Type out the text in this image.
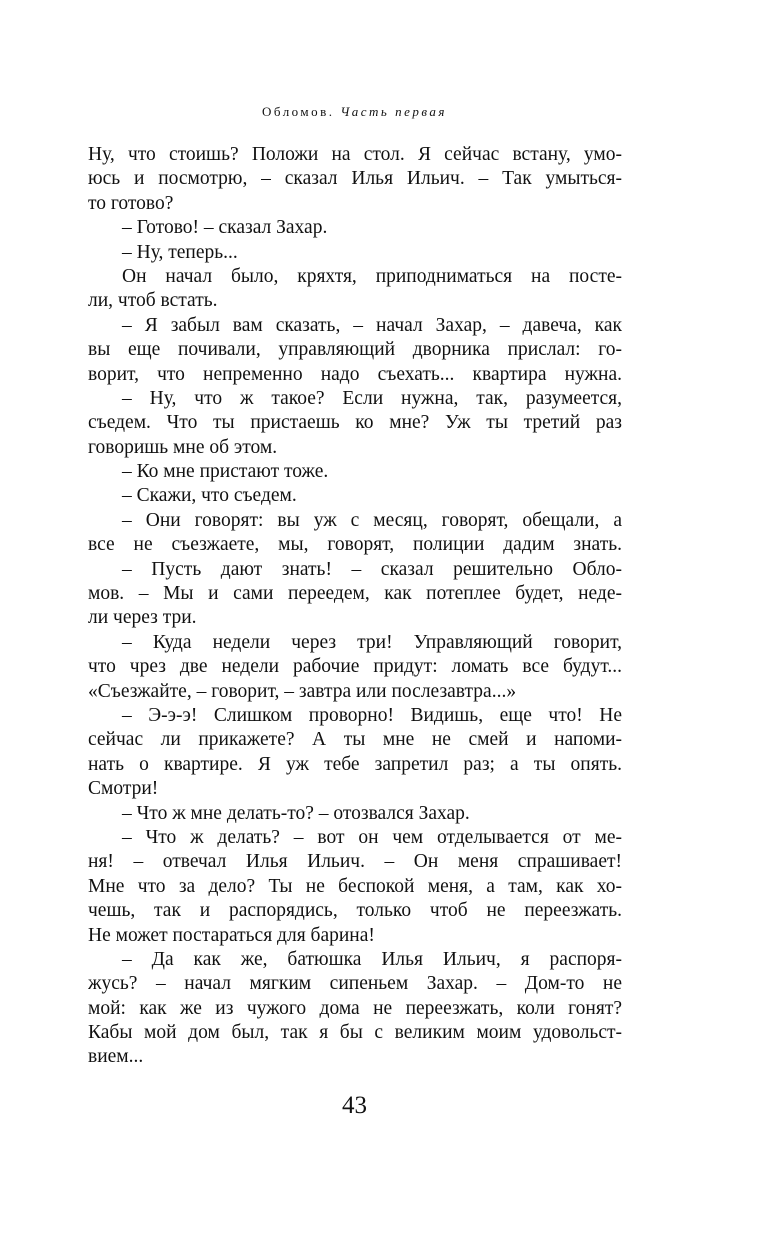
Обломов. Часть первая
Ну, что стоишь? Положи на стол. Я сейчас встану, умо-
юсь и посмотрю, – сказал Илья Ильич. – Так умыться-
то готово?
– Готово! – сказал Захар.
– Ну, теперь...
Он начал было, кряхтя, приподниматься на посте-
ли, чтоб встать.
– Я забыл вам сказать, – начал Захар, – давеча, как
вы еще почивали, управляющий дворника прислал: го-
ворит, что непременно надо съехать... квартира нужна.
– Ну, что ж такое? Если нужна, так, разумеется,
съедем. Что ты пристаешь ко мне? Уж ты третий раз
говоришь мне об этом.
– Ко мне пристают тоже.
– Скажи, что съедем.
– Они говорят: вы уж с месяц, говорят, обещали, а
все не съезжаете, мы, говорят, полиции дадим знать.
– Пусть дают знать! – сказал решительно Обло-
мов. – Мы и сами переедем, как потеплее будет, неде-
ли через три.
– Куда недели через три! Управляющий говорит,
что чрез две недели рабочие придут: ломать все будут...
«Съезжайте, – говорит, – завтра или послезавтра...»
– Э-э-э! Слишком проворно! Видишь, еще что! Не
сейчас ли прикажете? А ты мне не смей и напоми-
нать о квартире. Я уж тебе запретил раз; а ты опять.
Смотри!
– Что ж мне делать-то? – отозвался Захар.
– Что ж делать? – вот он чем отделывается от ме-
ня! – отвечал Илья Ильич. – Он меня спрашивает!
Мне что за дело? Ты не беспокой меня, а там, как хо-
чешь, так и распорядись, только чтоб не переезжать.
Не может постараться для барина!
– Да как же, батюшка Илья Ильич, я распоря-
жусь? – начал мягким сипеньем Захар. – Дом-то не
мой: как же из чужого дома не переезжать, коли гонят?
Кабы мой дом был, так я бы с великим моим удовольст-
вием...
43
